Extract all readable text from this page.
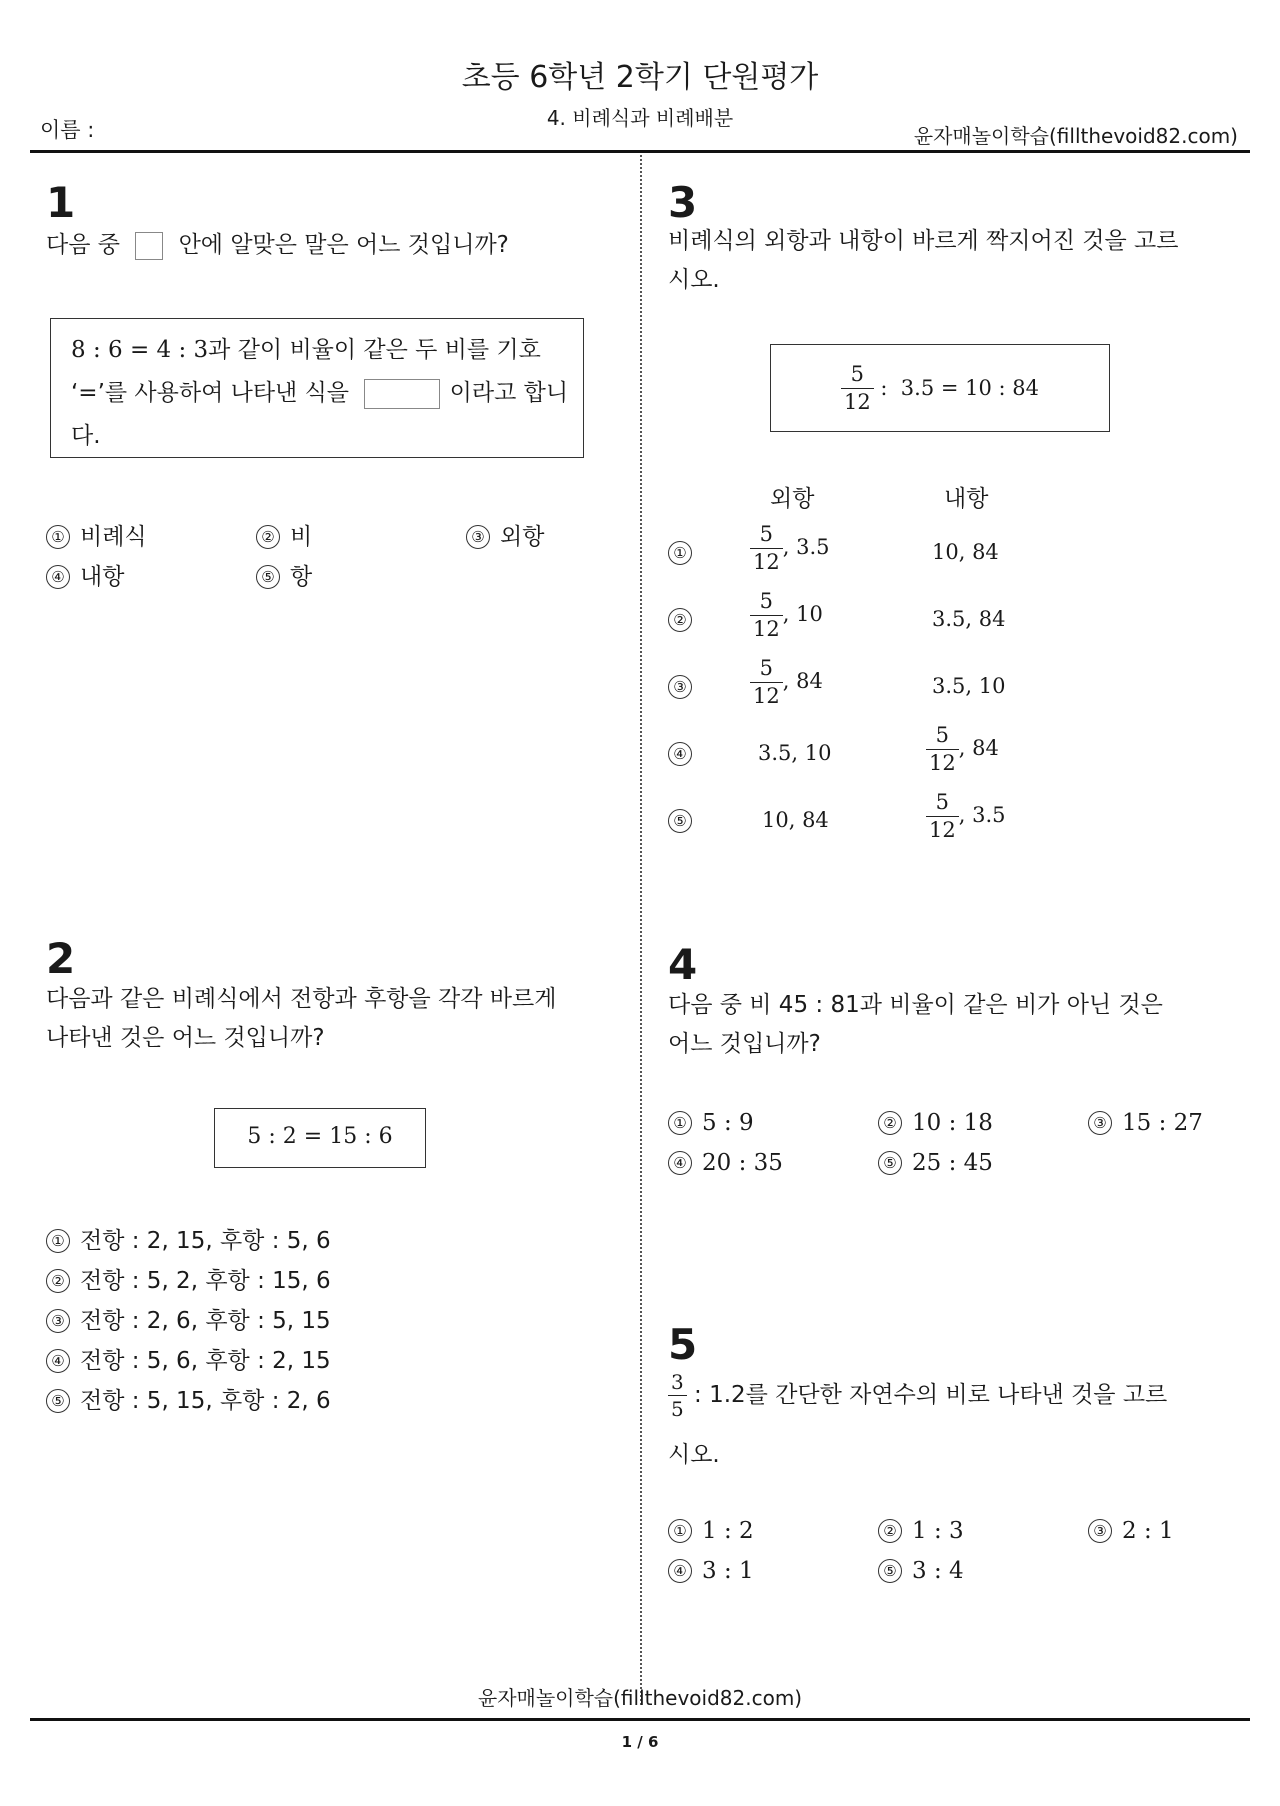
초등 6학년 2학기 단원평가
4. 비례식과 비례배분
이름 :	윤자매놀이학습(fillthevoid82.com)
1
다음 중	안에 알맞은 말은 어느 것입니까?
8 : 6 = 4 : 3과 같이 비율이 같은 두 비를 기호
‘=’를 사용하여 나타낸 식을	이라고 합니
다.
① 비례식	② 비	③ 외항
④ 내항	⑤ 항
2
다음과 같은 비례식에서 전항과 후항을 각각 바르게
나타낸 것은 어느 것입니까?
5 : 2 = 15 : 6
① 전항 : 2, 15, 후항 : 5, 6
② 전항 : 5, 2, 후항 : 15, 6
③ 전항 : 2, 6, 후항 : 5, 15
④ 전항 : 5, 6, 후항 : 2, 15
⑤ 전항 : 5, 15, 후항 : 2, 6
3
비례식의 외항과 내항이 바르게 짝지어진 것을 고르
시오.
$\frac{5}{12}$ :  3.5 = 10 : 84
외항	내항
①	$\frac{5}{12}$ , 3.5	10, 84
②	$\frac{5}{12}$ , 10	3.5, 84
③	$\frac{5}{12}$ , 84	3.5, 10
④	3.5, 10	$\frac{5}{12}$ , 84
⑤	10, 84	$\frac{5}{12}$ , 3.5
4
다음 중 비 45 : 81과 비율이 같은 비가 아닌 것은
어느 것입니까?
① 5 : 9	② 10 : 18	③ 15 : 27
④ 20 : 35	⑤ 25 : 45
5
$\frac{3}{5}$ : 1.2를 간단한 자연수의 비로 나타낸 것을 고르
시오.
① 1 : 2	② 1 : 3	③ 2 : 1
④ 3 : 1	⑤ 3 : 4
윤자매놀이학습(fillthevoid82.com)
1 / 6
